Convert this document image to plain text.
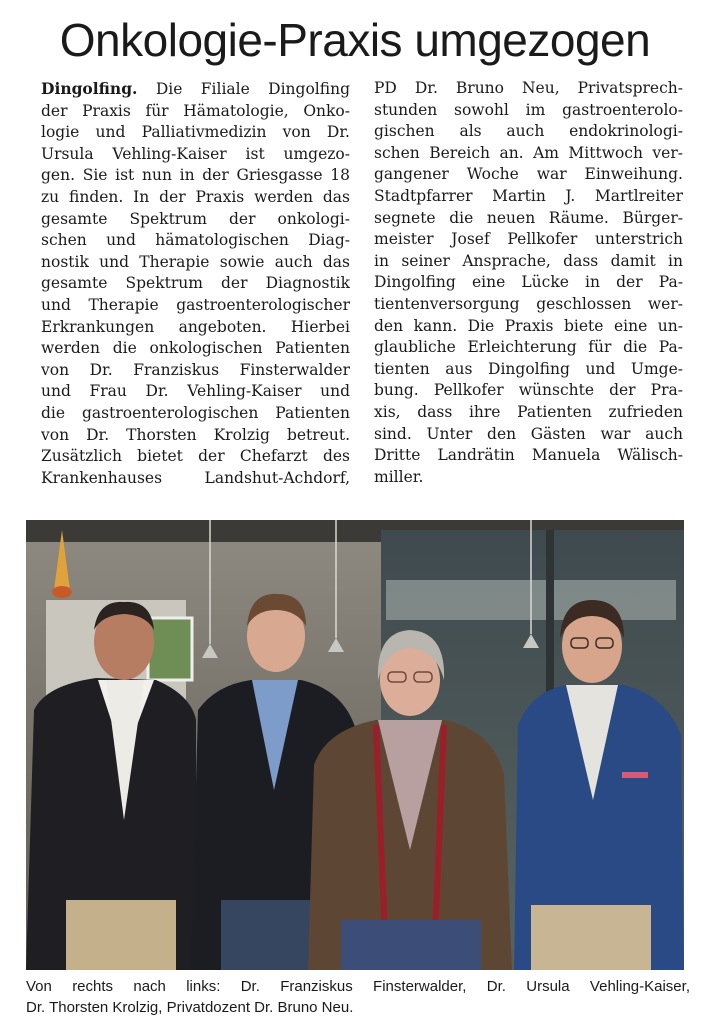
Onkologie-Praxis umgezogen
Dingolfing. Die Filiale Dingolfing
der Praxis für Hämatologie, Onko-
logie und Palliativmedizin von Dr.
Ursula Vehling-Kaiser ist umgezo-
gen. Sie ist nun in der Griesgasse 18
zu finden. In der Praxis werden das
gesamte Spektrum der onkologi-
schen und hämatologischen Diag-
nostik und Therapie sowie auch das
gesamte Spektrum der Diagnostik
und Therapie gastroenterologischer
Erkrankungen angeboten. Hierbei
werden die onkologischen Patienten
von Dr. Franziskus Finsterwalder
und Frau Dr. Vehling-Kaiser und
die gastroenterologischen Patienten
von Dr. Thorsten Krolzig betreut.
Zusätzlich bietet der Chefarzt des
Krankenhauses Landshut-Achdorf,
PD Dr. Bruno Neu, Privatsprech-
stunden sowohl im gastroenterolo-
gischen als auch endokrinologi-
schen Bereich an. Am Mittwoch ver-
gangener Woche war Einweihung.
Stadtpfarrer Martin J. Martlreiter
segnete die neuen Räume. Bürger-
meister Josef Pellkofer unterstrich
in seiner Ansprache, dass damit in
Dingolfing eine Lücke in der Pa-
tientenversorgung geschlossen wer-
den kann. Die Praxis biete eine un-
glaubliche Erleichterung für die Pa-
tienten aus Dingolfing und Umge-
bung. Pellkofer wünschte der Pra-
xis, dass ihre Patienten zufrieden
sind. Unter den Gästen war auch
Dritte Landrätin Manuela Wälisch-
miller.
Von rechts nach links: Dr. Franziskus Finsterwalder, Dr. Ursula Vehling-Kaiser,
Dr. Thorsten Krolzig, Privatdozent Dr. Bruno Neu.
